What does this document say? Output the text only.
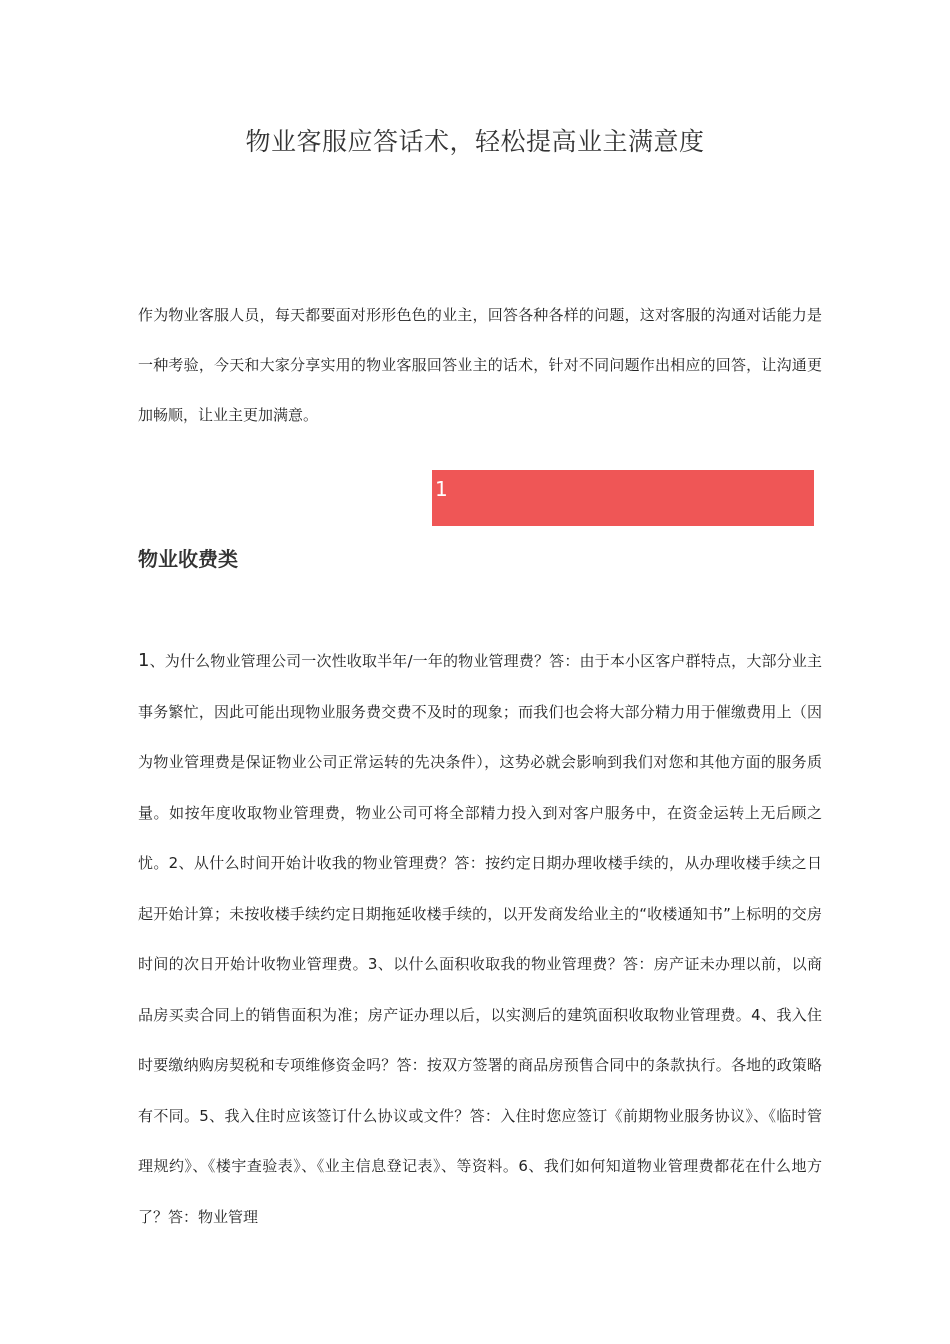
物业客服应答话术，轻松提高业主满意度
作为物业客服人员，每天都要面对形形色色的业主，回答各种各样的问题，这对客服的沟通对话能力是一种考验，今天和大家分享实用的物业客服回答业主的话术，针对不同问题作出相应的回答，让沟通更加畅顺，让业主更加满意。
1
物业收费类
1、为什么物业管理公司一次性收取半年/一年的物业管理费？答：由于本小区客户群特点，大部分业主事务繁忙，因此可能出现物业服务费交费不及时的现象；而我们也会将大部分精力用于催缴费用上（因为物业管理费是保证物业公司正常运转的先决条件），这势必就会影响到我们对您和其他方面的服务质量。如按年度收取物业管理费，物业公司可将全部精力投入到对客户服务中，在资金运转上无后顾之忧。2、从什么时间开始计收我的物业管理费？答：按约定日期办理收楼手续的，从办理收楼手续之日起开始计算；未按收楼手续约定日期拖延收楼手续的，以开发商发给业主的“收楼通知书”上标明的交房时间的次日开始计收物业管理费。3、以什么面积收取我的物业管理费？答：房产证未办理以前，以商品房买卖合同上的销售面积为准；房产证办理以后，以实测后的建筑面积收取物业管理费。4、我入住时要缴纳购房契税和专项维修资金吗？答：按双方签署的商品房预售合同中的条款执行。各地的政策略有不同。5、我入住时应该签订什么协议或文件？答：入住时您应签订《前期物业服务协议》、《临时管理规约》、《楼宇查验表》、《业主信息登记表》、等资料。6、我们如何知道物业管理费都花在什么地方了？答：物业管理
